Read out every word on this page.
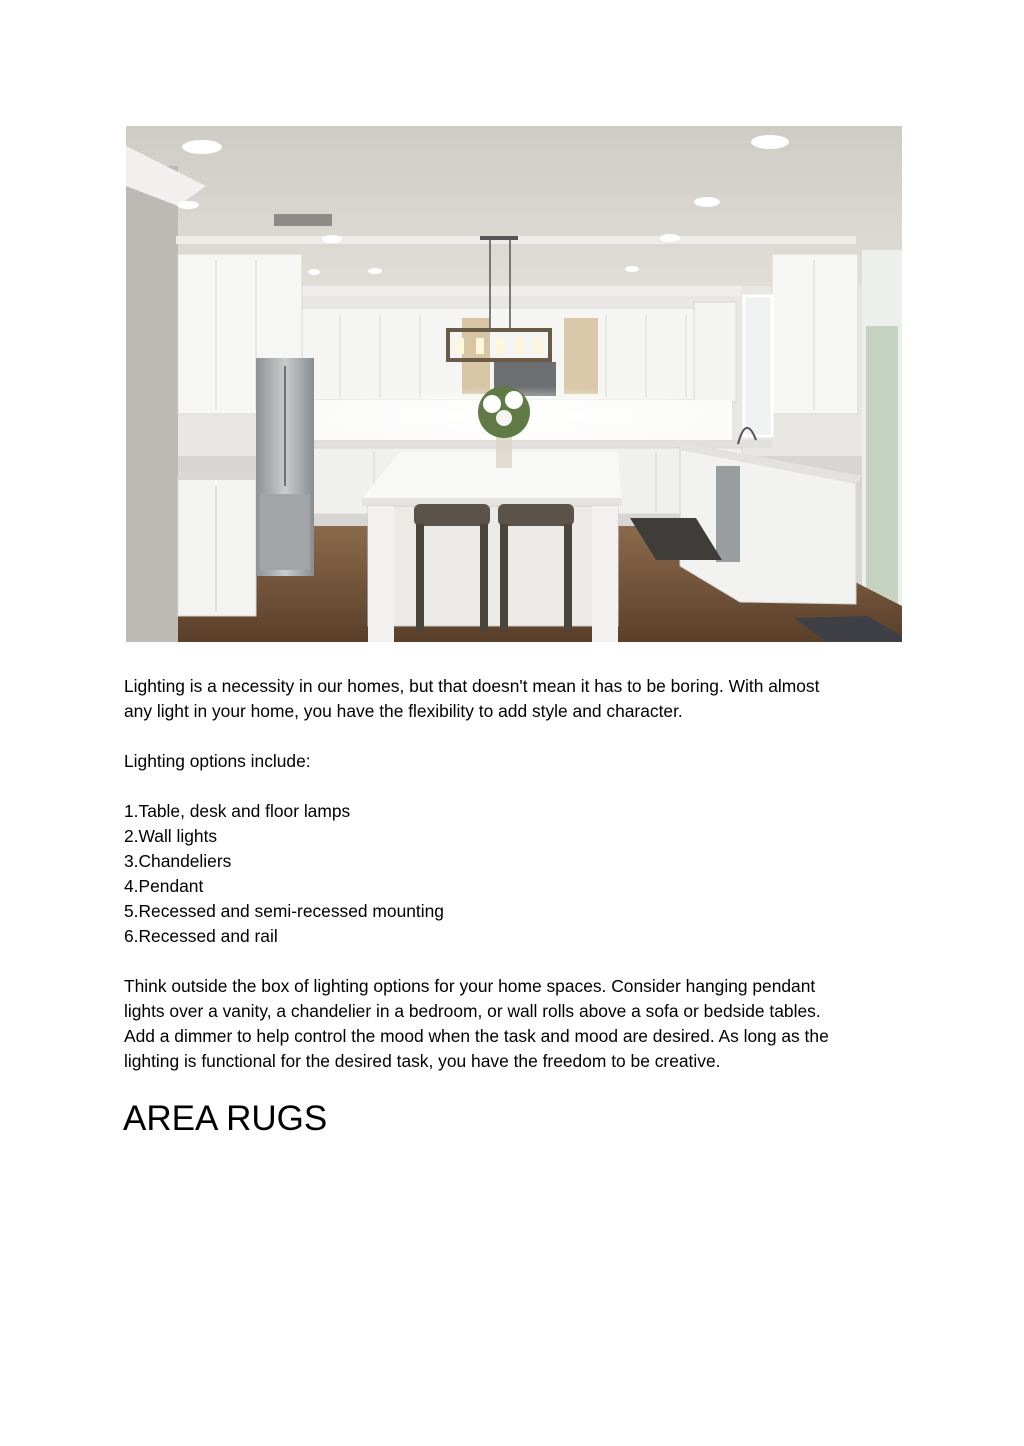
Lighting is a necessity in our homes, but that doesn't mean it has to be boring. With almost
any light in your home, you have the flexibility to add style and character.

Lighting options include:

1.Table, desk and floor lamps
2.Wall lights
3.Chandeliers
4.Pendant
5.Recessed and semi-recessed mounting
6.Recessed and rail

Think outside the box of lighting options for your home spaces. Consider hanging pendant
lights over a vanity, a chandelier in a bedroom, or wall rolls above a sofa or bedside tables.
Add a dimmer to help control the mood when the task and mood are desired. As long as the
lighting is functional for the desired task, you have the freedom to be creative.

AREA RUGS
